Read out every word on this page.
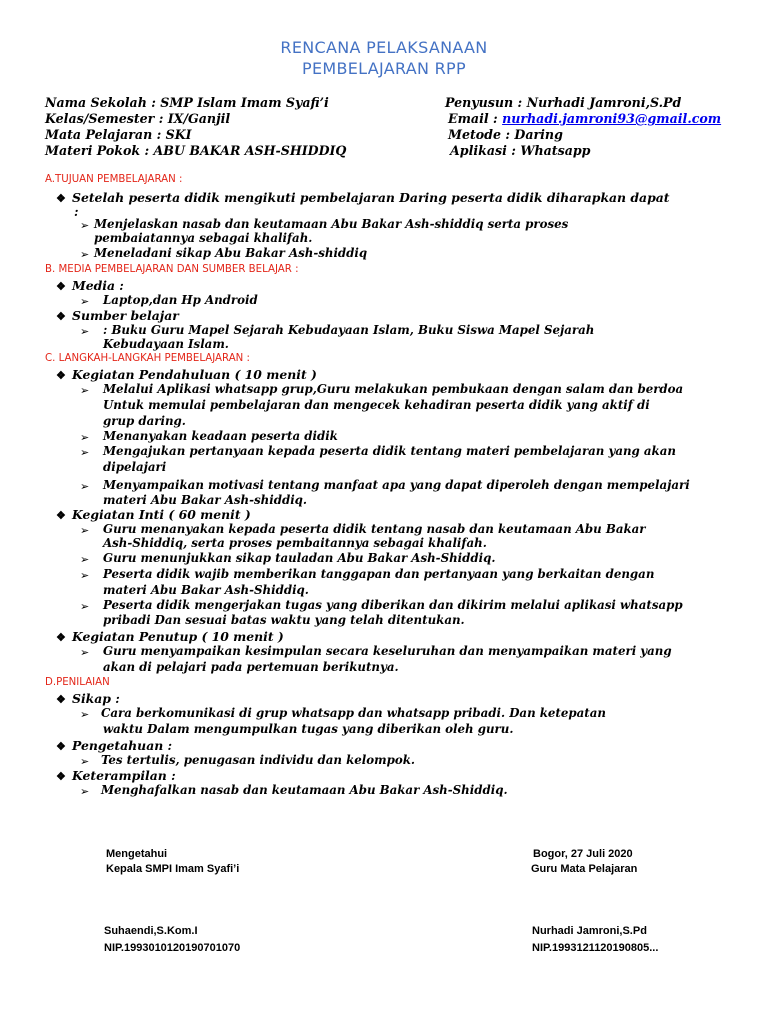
RENCANA PELAKSANAAN
PEMBELAJARAN RPP
Nama Sekolah : SMP Islam Imam Syafi’i
Kelas/Semester : IX/Ganjil
Mata Pelajaran : SKI
Materi Pokok : ABU BAKAR ASH-SHIDDIQ
Penyusun : Nurhadi Jamroni,S.Pd
Email : nurhadi.jamroni93@gmail.com
Metode : Daring
Aplikasi : Whatsapp
A.TUJUAN PEMBELAJARAN :
❖ Setelah peserta didik mengikuti pembelajaran Daring peserta didik diharapkan dapat
:
➢ Menjelaskan nasab dan keutamaan Abu Bakar Ash-shiddiq serta proses
pembaiatannya sebagai khalifah.
➢ Meneladani sikap Abu Bakar Ash-shiddiq
B. MEDIA PEMBELAJARAN DAN SUMBER BELAJAR :
❖ Media :
➢ Laptop,dan Hp Android
❖ Sumber belajar
➢ : Buku Guru Mapel Sejarah Kebudayaan Islam, Buku Siswa Mapel Sejarah
Kebudayaan Islam.
C. LANGKAH-LANGKAH PEMBELAJARAN :
❖ Kegiatan Pendahuluan ( 10 menit )
➢ Melalui Aplikasi whatsapp grup,Guru melakukan pembukaan dengan salam dan berdoa
Untuk memulai pembelajaran dan mengecek kehadiran peserta didik yang aktif di
grup daring.
➢ Menanyakan keadaan peserta didik
➢ Mengajukan pertanyaan kepada peserta didik tentang materi pembelajaran yang akan
dipelajari
➢ Menyampaikan motivasi tentang manfaat apa yang dapat diperoleh dengan mempelajari
materi Abu Bakar Ash-shiddiq.
❖ Kegiatan Inti ( 60 menit )
➢ Guru menanyakan kepada peserta didik tentang nasab dan keutamaan Abu Bakar
Ash-Shiddiq, serta proses pembaitannya sebagai khalifah.
➢ Guru menunjukkan sikap tauladan Abu Bakar Ash-Shiddiq.
➢ Peserta didik wajib memberikan tanggapan dan pertanyaan yang berkaitan dengan
materi Abu Bakar Ash-Shiddiq.
➢ Peserta didik mengerjakan tugas yang diberikan dan dikirim melalui aplikasi whatsapp
pribadi Dan sesuai batas waktu yang telah ditentukan.
❖ Kegiatan Penutup ( 10 menit )
➢ Guru menyampaikan kesimpulan secara keseluruhan dan menyampaikan materi yang
akan di pelajari pada pertemuan berikutnya.
D.PENILAIAN
❖ Sikap :
➢ Cara berkomunikasi di grup whatsapp dan whatsapp pribadi. Dan ketepatan
waktu Dalam mengumpulkan tugas yang diberikan oleh guru.
❖ Pengetahuan :
➢ Tes tertulis, penugasan individu dan kelompok.
❖ Keterampilan :
➢ Menghafalkan nasab dan keutamaan Abu Bakar Ash-Shiddiq.
Mengetahui
Kepala SMPI Imam Syafi’i
Suhaendi,S.Kom.I
NIP.1993010120190701070
Bogor, 27 Juli 2020
Guru Mata Pelajaran
Nurhadi Jamroni,S.Pd
NIP.1993121120190805...
